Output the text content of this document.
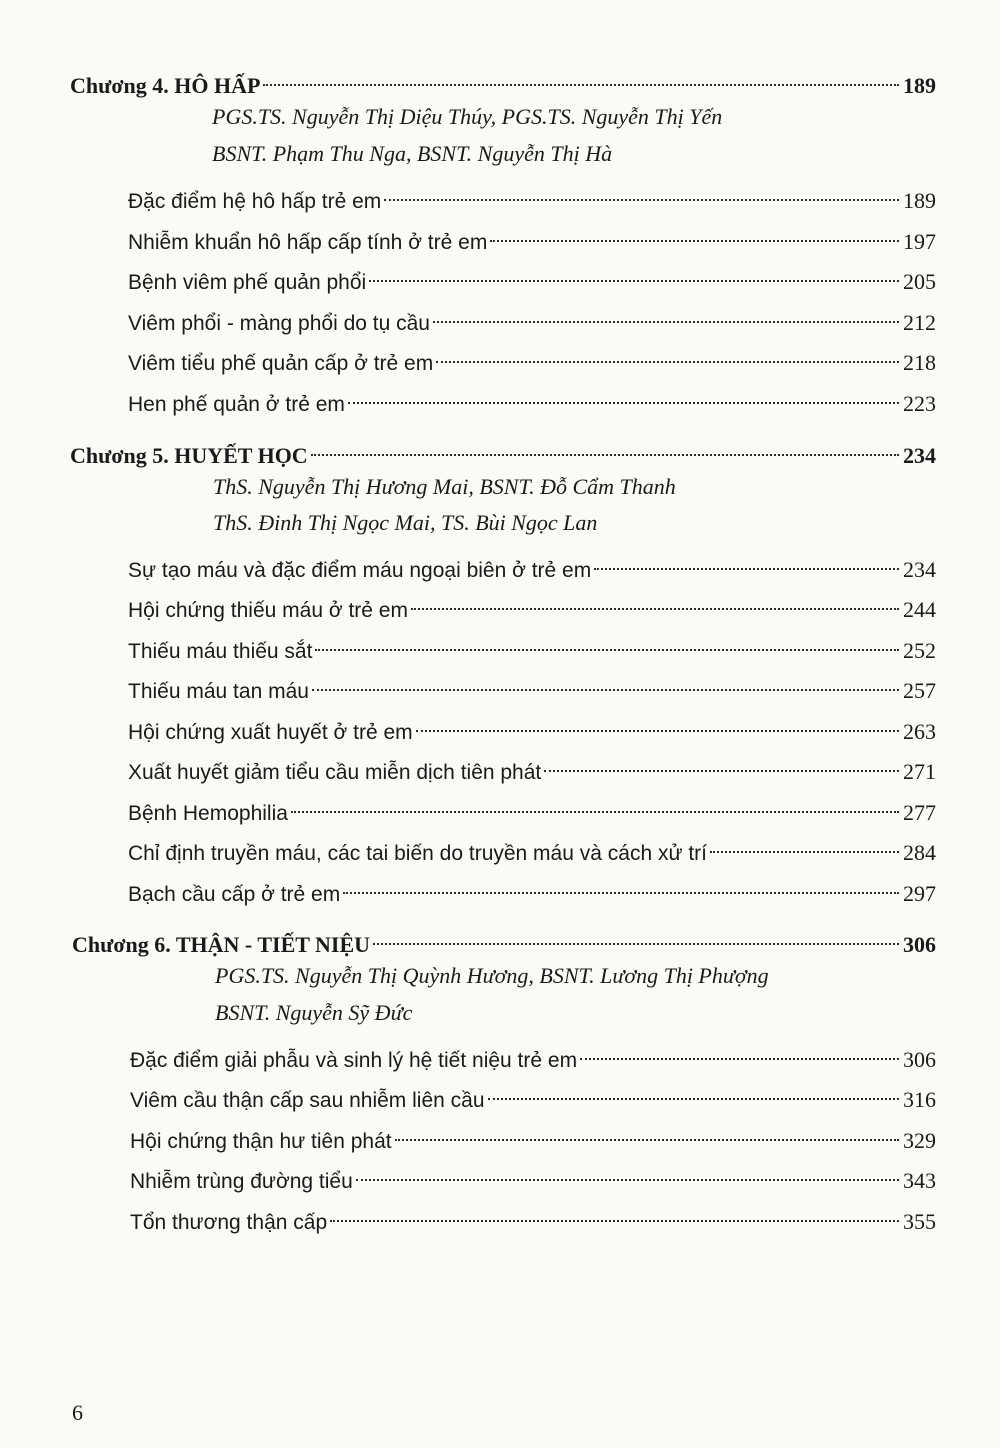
Chương 4. HÔ HẤP	189
PGS.TS. Nguyễn Thị Diệu Thúy, PGS.TS. Nguyễn Thị Yến
BSNT. Phạm Thu Nga, BSNT. Nguyễn Thị Hà
Đặc điểm hệ hô hấp trẻ em	189
Nhiễm khuẩn hô hấp cấp tính ở trẻ em	197
Bệnh viêm phế quản phổi	205
Viêm phổi - màng phổi do tụ cầu	212
Viêm tiểu phế quản cấp ở trẻ em	218
Hen phế quản ở trẻ em	223
Chương 5. HUYẾT HỌC	234
ThS. Nguyễn Thị Hương Mai, BSNT. Đỗ Cẩm Thanh
ThS. Đinh Thị Ngọc Mai, TS. Bùi Ngọc Lan
Sự tạo máu và đặc điểm máu ngoại biên ở trẻ em	234
Hội chứng thiếu máu ở trẻ em	244
Thiếu máu thiếu sắt	252
Thiếu máu tan máu	257
Hội chứng xuất huyết ở trẻ em	263
Xuất huyết giảm tiểu cầu miễn dịch tiên phát	271
Bệnh Hemophilia	277
Chỉ định truyền máu, các tai biến do truyền máu và cách xử trí	284
Bạch cầu cấp ở trẻ em	297
Chương 6. THẬN - TIẾT NIỆU	306
PGS.TS. Nguyễn Thị Quỳnh Hương, BSNT. Lương Thị Phượng
BSNT. Nguyễn Sỹ Đức
Đặc điểm giải phẫu và sinh lý hệ tiết niệu trẻ em	306
Viêm cầu thận cấp sau nhiễm liên cầu	316
Hội chứng thận hư tiên phát	329
Nhiễm trùng đường tiểu	343
Tổn thương thận cấp	355
6
